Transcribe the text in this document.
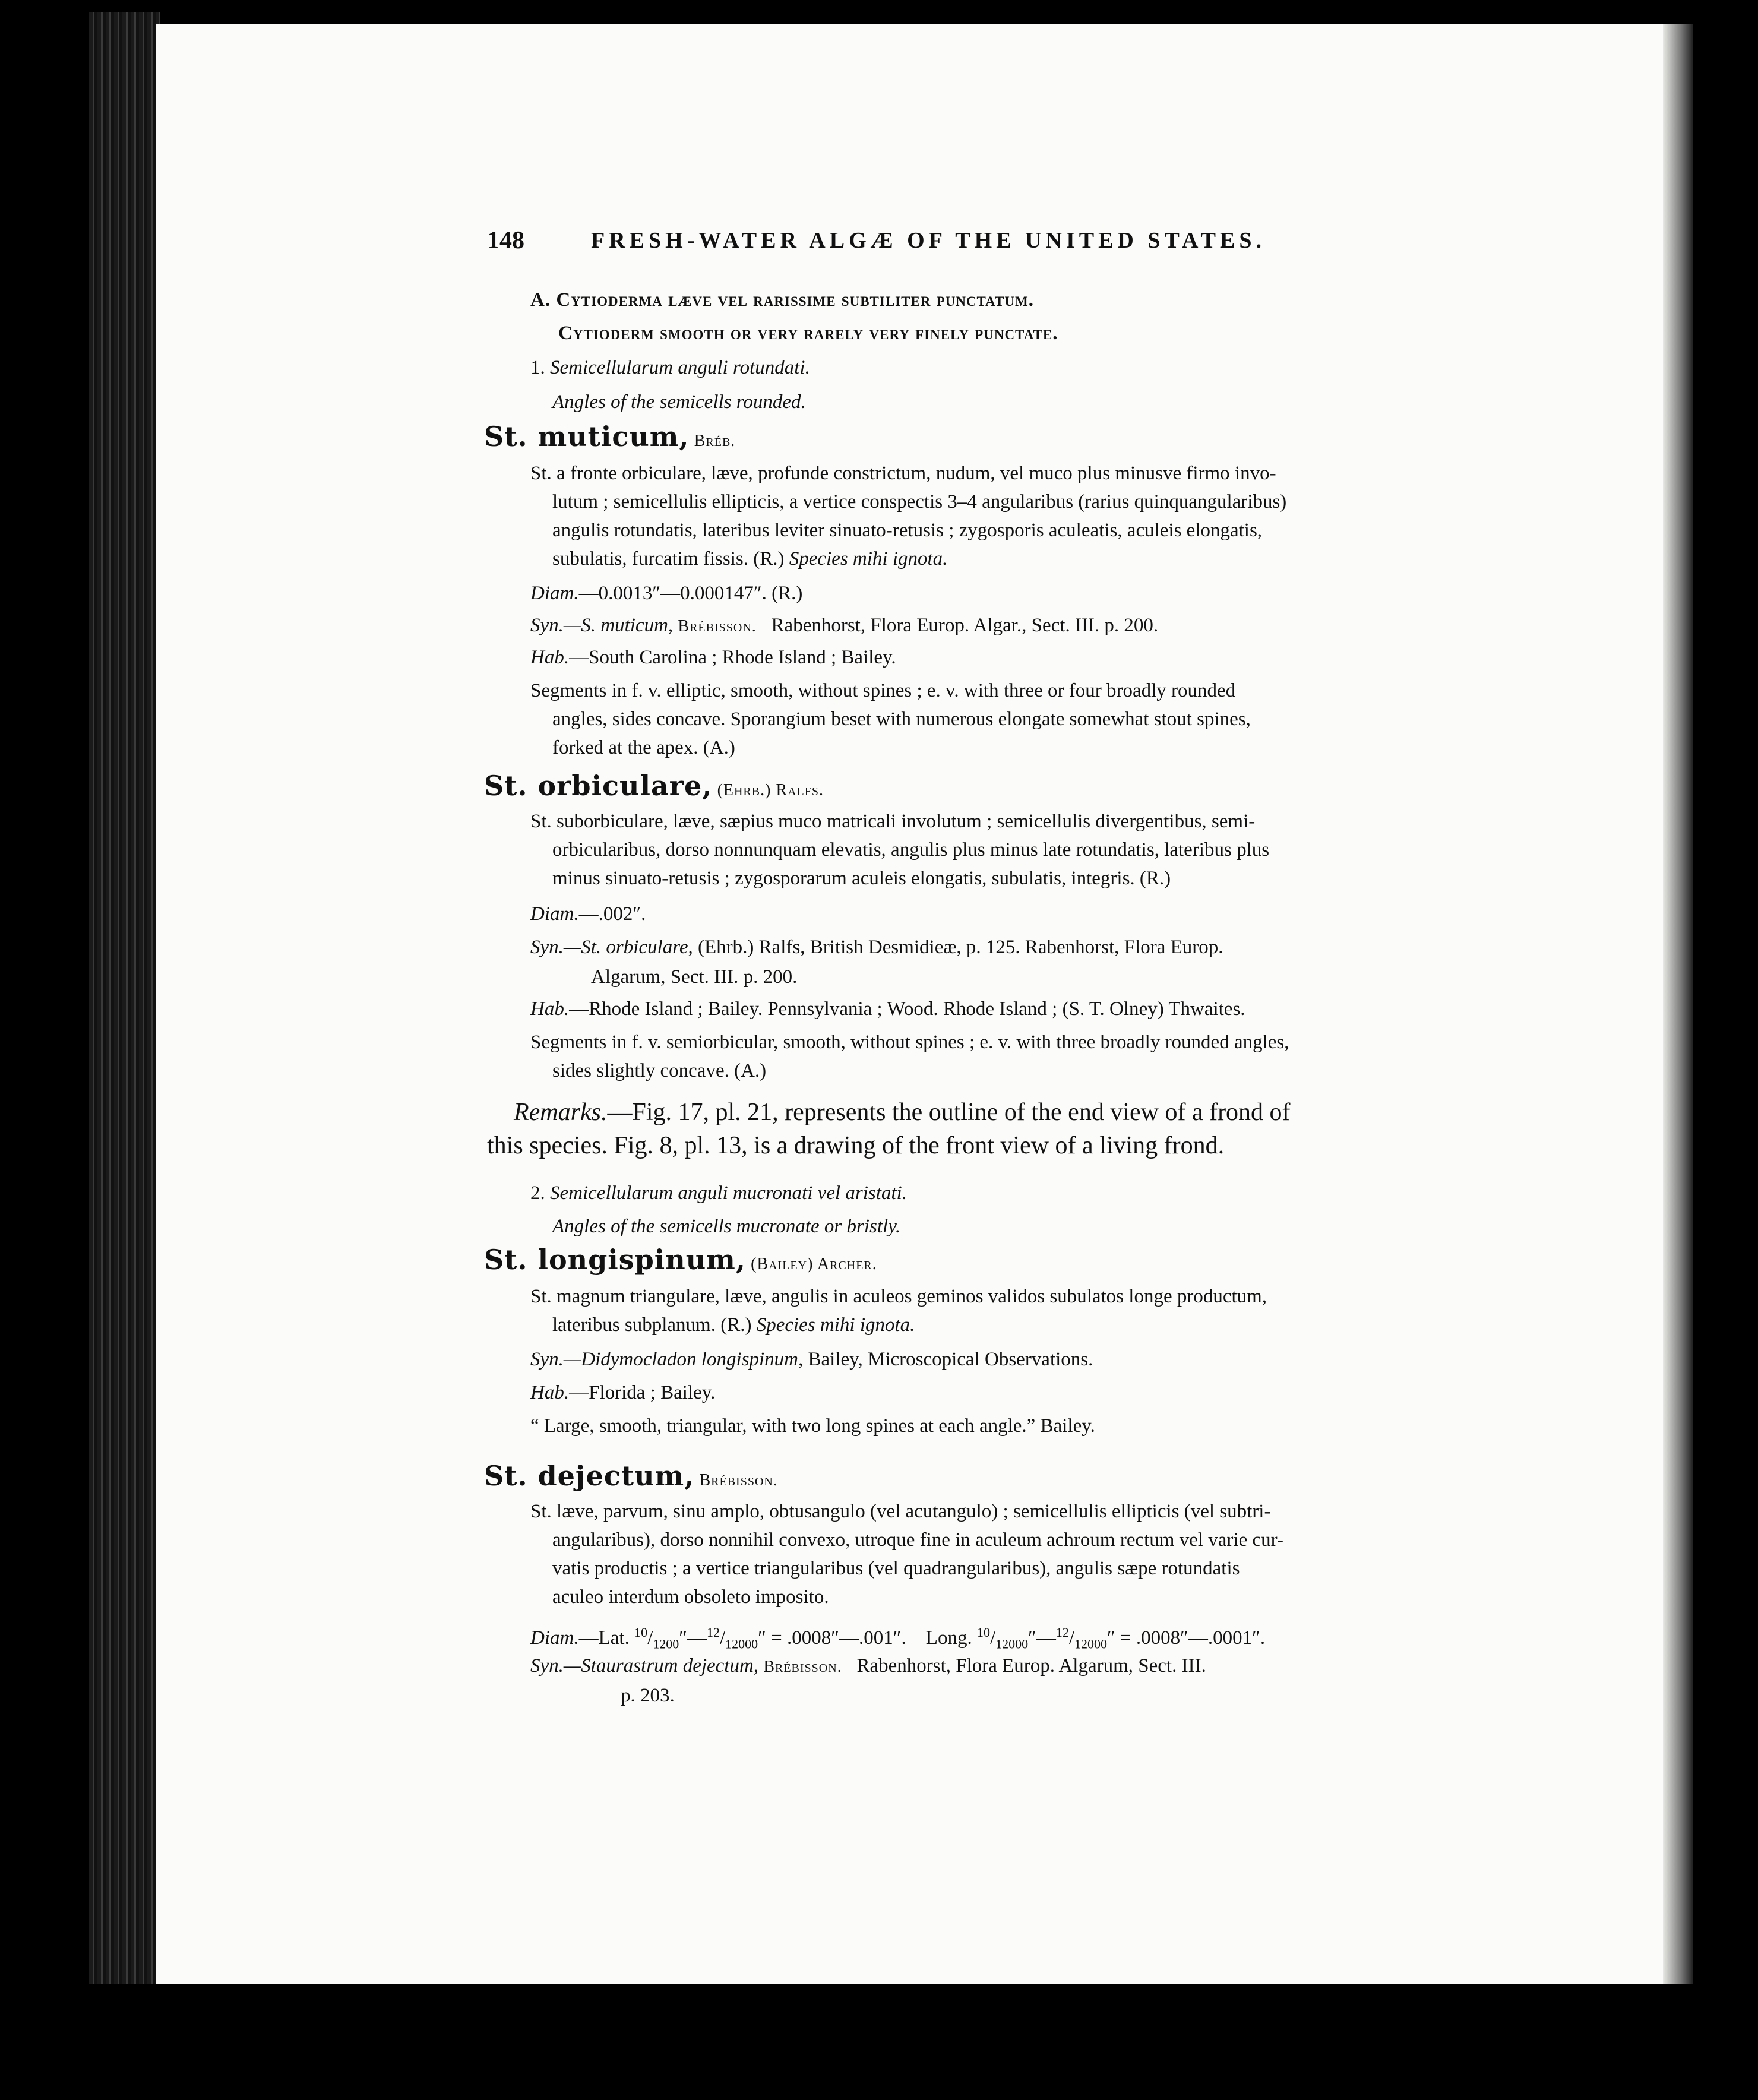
148	FRESH-WATER ALGÆ OF THE UNITED STATES.
A. Cytioderma læve vel rarissime subtiliter punctatum.
Cytioderm smooth or very rarely very finely punctate.
1. Semicellularum anguli rotundati.
Angles of the semicells rounded.
St. muticum, Bréb.
St. a fronte orbiculare, læve, profunde constrictum, nudum, vel muco plus minusve firmo invo-
lutum ; semicellulis ellipticis, a vertice conspectis 3–4 angularibus (rarius quinquangularibus)
angulis rotundatis, lateribus leviter sinuato-retusis ; zygosporis aculeatis, aculeis elongatis,
subulatis, furcatim fissis. (R.) Species mihi ignota.
Diam.—0.0013″—0.000147″. (R.)
Syn.—S. muticum, Brébisson. Rabenhorst, Flora Europ. Algar., Sect. III. p. 200.
Hab.—South Carolina ; Rhode Island ; Bailey.
Segments in f. v. elliptic, smooth, without spines ; e. v. with three or four broadly rounded
angles, sides concave. Sporangium beset with numerous elongate somewhat stout spines,
forked at the apex. (A.)
St. orbiculare, (Ehrb.) Ralfs.
St. suborbiculare, læve, sæpius muco matricali involutum ; semicellulis divergentibus, semi-
orbicularibus, dorso nonnunquam elevatis, angulis plus minus late rotundatis, lateribus plus
minus sinuato-retusis ; zygosporarum aculeis elongatis, subulatis, integris. (R.)
Diam.—.002″.
Syn.—St. orbiculare, (Ehrb.) Ralfs, British Desmidieæ, p. 125. Rabenhorst, Flora Europ.
Algarum, Sect. III. p. 200.
Hab.—Rhode Island ; Bailey. Pennsylvania ; Wood. Rhode Island ; (S. T. Olney) Thwaites.
Segments in f. v. semiorbicular, smooth, without spines ; e. v. with three broadly rounded angles,
sides slightly concave. (A.)
Remarks.—Fig. 17, pl. 21, represents the outline of the end view of a frond of
this species. Fig. 8, pl. 13, is a drawing of the front view of a living frond.
2. Semicellularum anguli mucronati vel aristati.
Angles of the semicells mucronate or bristly.
St. longispinum, (Bailey) Archer.
St. magnum triangulare, læve, angulis in aculeos geminos validos subulatos longe productum,
lateribus subplanum. (R.) Species mihi ignota.
Syn.—Didymocladon longispinum, Bailey, Microscopical Observations.
Hab.—Florida ; Bailey.
“ Large, smooth, triangular, with two long spines at each angle.” Bailey.
St. dejectum, Brébisson.
St. læve, parvum, sinu amplo, obtusangulo (vel acutangulo) ; semicellulis ellipticis (vel subtri-
angularibus), dorso nonnihil convexo, utroque fine in aculeum achroum rectum vel varie cur-
vatis productis ; a vertice triangularibus (vel quadrangularibus), angulis sæpe rotundatis
aculeo interdum obsoleto imposito.
Diam.—Lat. $^{10}/_{1200}''—^{12}/_{12000}''$ = .0008″—.001″. Long. $^{10}/_{12000}''—^{12}/_{12000}''$ = .0008″—.0001″.
Syn.—Staurastrum dejectum, Brébisson. Rabenhorst, Flora Europ. Algarum, Sect. III.
p. 203.
